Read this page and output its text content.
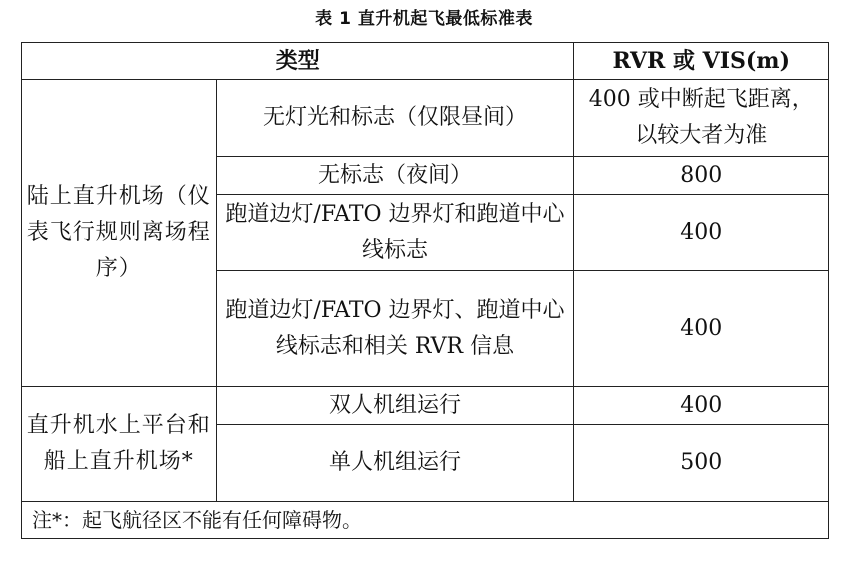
表 1 直升机起飞最低标准表
类型		RVR 或 VIS(m)
陆上直升机场（仪表飞行规则离场程序）	无灯光和标志（仅限昼间）	400 或中断起飞距离，以较大者为准
	无标志（夜间）	800
	跑道边灯/FATO 边界灯和跑道中心线标志	400
	跑道边灯/FATO 边界灯、跑道中心线标志和相关 RVR 信息	400
直升机水上平台和船上直升机场*	双人机组运行	400
	单人机组运行	500
注*：起飞航径区不能有任何障碍物。		
